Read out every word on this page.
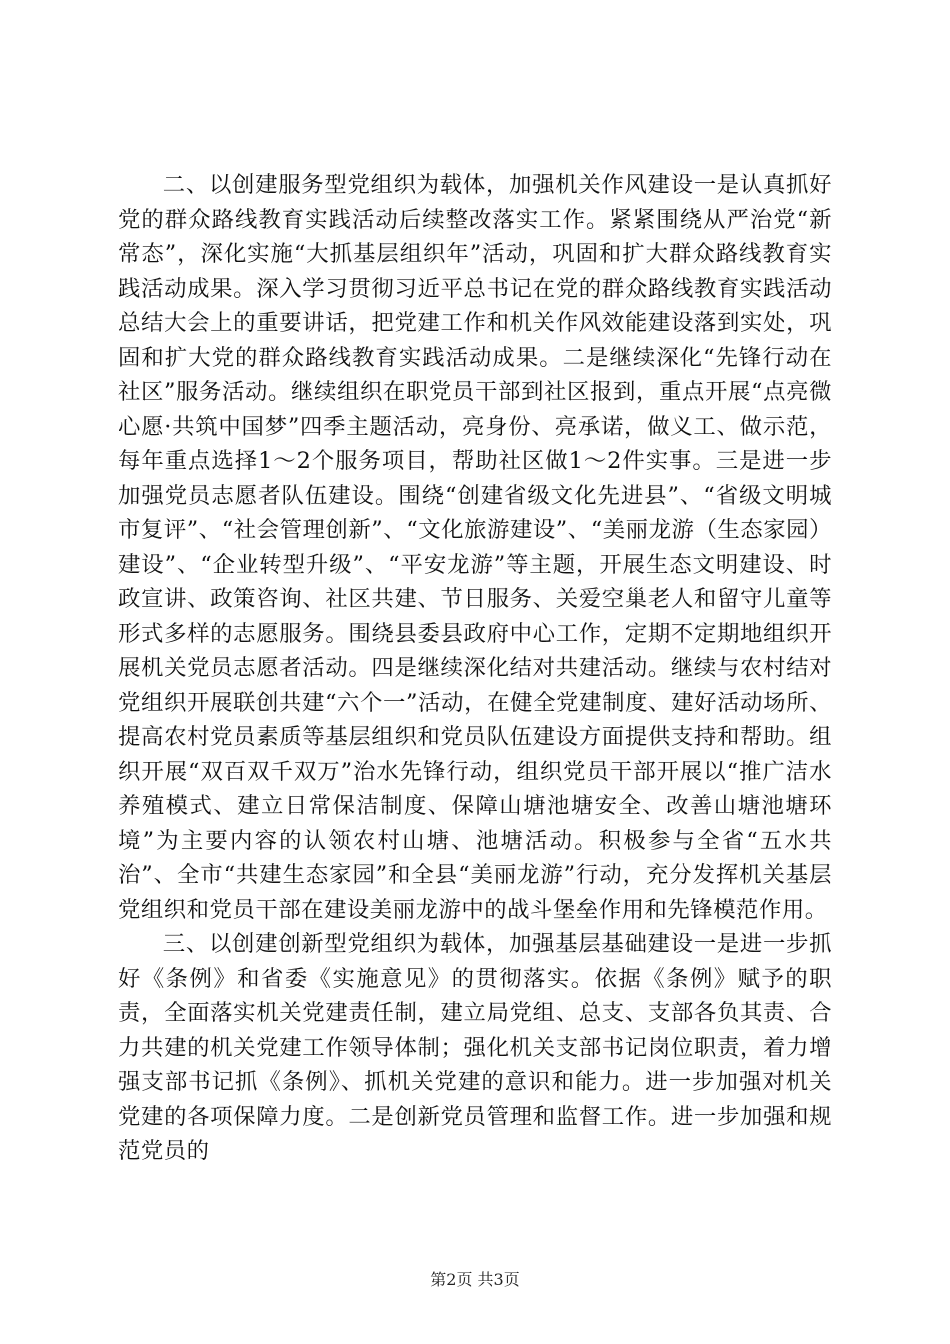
二、以创建服务型党组织为载体，加强机关作风建设一是认真抓好党的群众路线教育实践活动后续整改落实工作。紧紧围绕从严治党“新常态”，深化实施“大抓基层组织年”活动，巩固和扩大群众路线教育实践活动成果。深入学习贯彻习近平总书记在党的群众路线教育实践活动总结大会上的重要讲话，把党建工作和机关作风效能建设落到实处，巩固和扩大党的群众路线教育实践活动成果。二是继续深化“先锋行动在社区”服务活动。继续组织在职党员干部到社区报到，重点开展“点亮微心愿·共筑中国梦”四季主题活动，亮身份、亮承诺，做义工、做示范，每年重点选择1～2个服务项目，帮助社区做1～2件实事。三是进一步加强党员志愿者队伍建设。围绕“创建省级文化先进县”、“省级文明城市复评”、“社会管理创新”、“文化旅游建设”、“美丽龙游（生态家园）建设”、“企业转型升级”、“平安龙游”等主题，开展生态文明建设、时政宣讲、政策咨询、社区共建、节日服务、关爱空巢老人和留守儿童等形式多样的志愿服务。围绕县委县政府中心工作，定期不定期地组织开展机关党员志愿者活动。四是继续深化结对共建活动。继续与农村结对党组织开展联创共建“六个一”活动，在健全党建制度、建好活动场所、提高农村党员素质等基层组织和党员队伍建设方面提供支持和帮助。组织开展“双百双千双万”治水先锋行动，组织党员干部开展以“推广洁水养殖模式、建立日常保洁制度、保障山塘池塘安全、改善山塘池塘环境”为主要内容的认领农村山塘、池塘活动。积极参与全省“五水共治”、全市“共建生态家园”和全县“美丽龙游”行动，充分发挥机关基层党组织和党员干部在建设美丽龙游中的战斗堡垒作用和先锋模范作用。

三、以创建创新型党组织为载体，加强基层基础建设一是进一步抓好《条例》和省委《实施意见》的贯彻落实。依据《条例》赋予的职责，全面落实机关党建责任制，建立局党组、总支、支部各负其责、合力共建的机关党建工作领导体制；强化机关支部书记岗位职责，着力增强支部书记抓《条例》、抓机关党建的意识和能力。进一步加强对机关党建的各项保障力度。二是创新党员管理和监督工作。进一步加强和规范党员的

第2页 共3页
